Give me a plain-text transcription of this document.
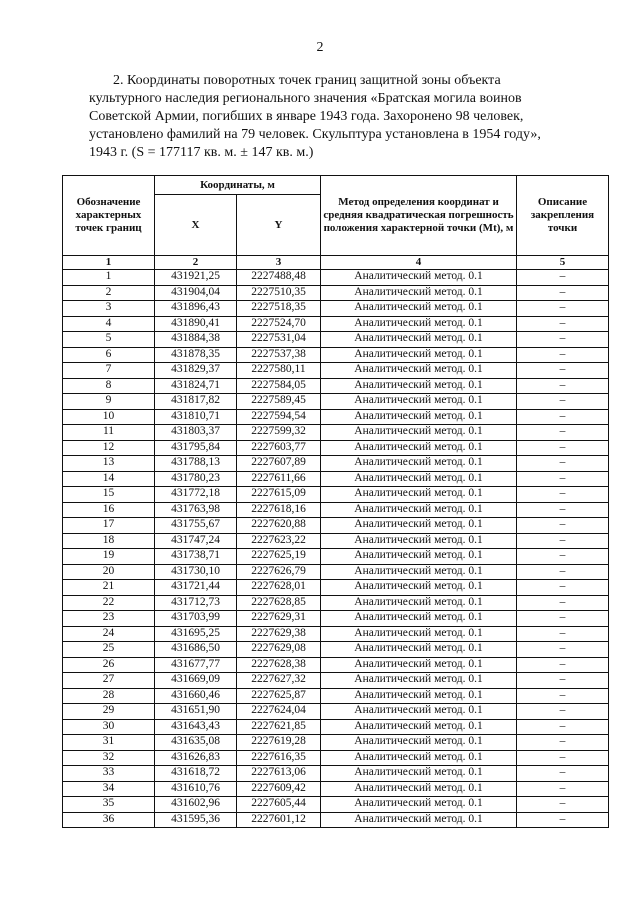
2
2. Координаты поворотных точек границ защитной зоны объекта
культурного наследия регионального значения «Братская могила воинов
Советской Армии, погибших в январе 1943 года. Захоронено 98 человек,
установлено фамилий на 79 человек. Скульптура установлена в 1954 году»,
1943 г. (S = 177117 кв. м. ± 147 кв. м.)
Обозначение характерных точек границ	Координаты, м		Метод определения координат и средняя квадратическая погрешность положения характерной точки (Mt), м	Описание закрепления точки
	X	Y		
1	2	3	4	5
1	431921,25	2227488,48	Аналитический метод. 0.1	–
2	431904,04	2227510,35	Аналитический метод. 0.1	–
3	431896,43	2227518,35	Аналитический метод. 0.1	–
4	431890,41	2227524,70	Аналитический метод. 0.1	–
5	431884,38	2227531,04	Аналитический метод. 0.1	–
6	431878,35	2227537,38	Аналитический метод. 0.1	–
7	431829,37	2227580,11	Аналитический метод. 0.1	–
8	431824,71	2227584,05	Аналитический метод. 0.1	–
9	431817,82	2227589,45	Аналитический метод. 0.1	–
10	431810,71	2227594,54	Аналитический метод. 0.1	–
11	431803,37	2227599,32	Аналитический метод. 0.1	–
12	431795,84	2227603,77	Аналитический метод. 0.1	–
13	431788,13	2227607,89	Аналитический метод. 0.1	–
14	431780,23	2227611,66	Аналитический метод. 0.1	–
15	431772,18	2227615,09	Аналитический метод. 0.1	–
16	431763,98	2227618,16	Аналитический метод. 0.1	–
17	431755,67	2227620,88	Аналитический метод. 0.1	–
18	431747,24	2227623,22	Аналитический метод. 0.1	–
19	431738,71	2227625,19	Аналитический метод. 0.1	–
20	431730,10	2227626,79	Аналитический метод. 0.1	–
21	431721,44	2227628,01	Аналитический метод. 0.1	–
22	431712,73	2227628,85	Аналитический метод. 0.1	–
23	431703,99	2227629,31	Аналитический метод. 0.1	–
24	431695,25	2227629,38	Аналитический метод. 0.1	–
25	431686,50	2227629,08	Аналитический метод. 0.1	–
26	431677,77	2227628,38	Аналитический метод. 0.1	–
27	431669,09	2227627,32	Аналитический метод. 0.1	–
28	431660,46	2227625,87	Аналитический метод. 0.1	–
29	431651,90	2227624,04	Аналитический метод. 0.1	–
30	431643,43	2227621,85	Аналитический метод. 0.1	–
31	431635,08	2227619,28	Аналитический метод. 0.1	–
32	431626,83	2227616,35	Аналитический метод. 0.1	–
33	431618,72	2227613,06	Аналитический метод. 0.1	–
34	431610,76	2227609,42	Аналитический метод. 0.1	–
35	431602,96	2227605,44	Аналитический метод. 0.1	–
36	431595,36	2227601,12	Аналитический метод. 0.1	–
